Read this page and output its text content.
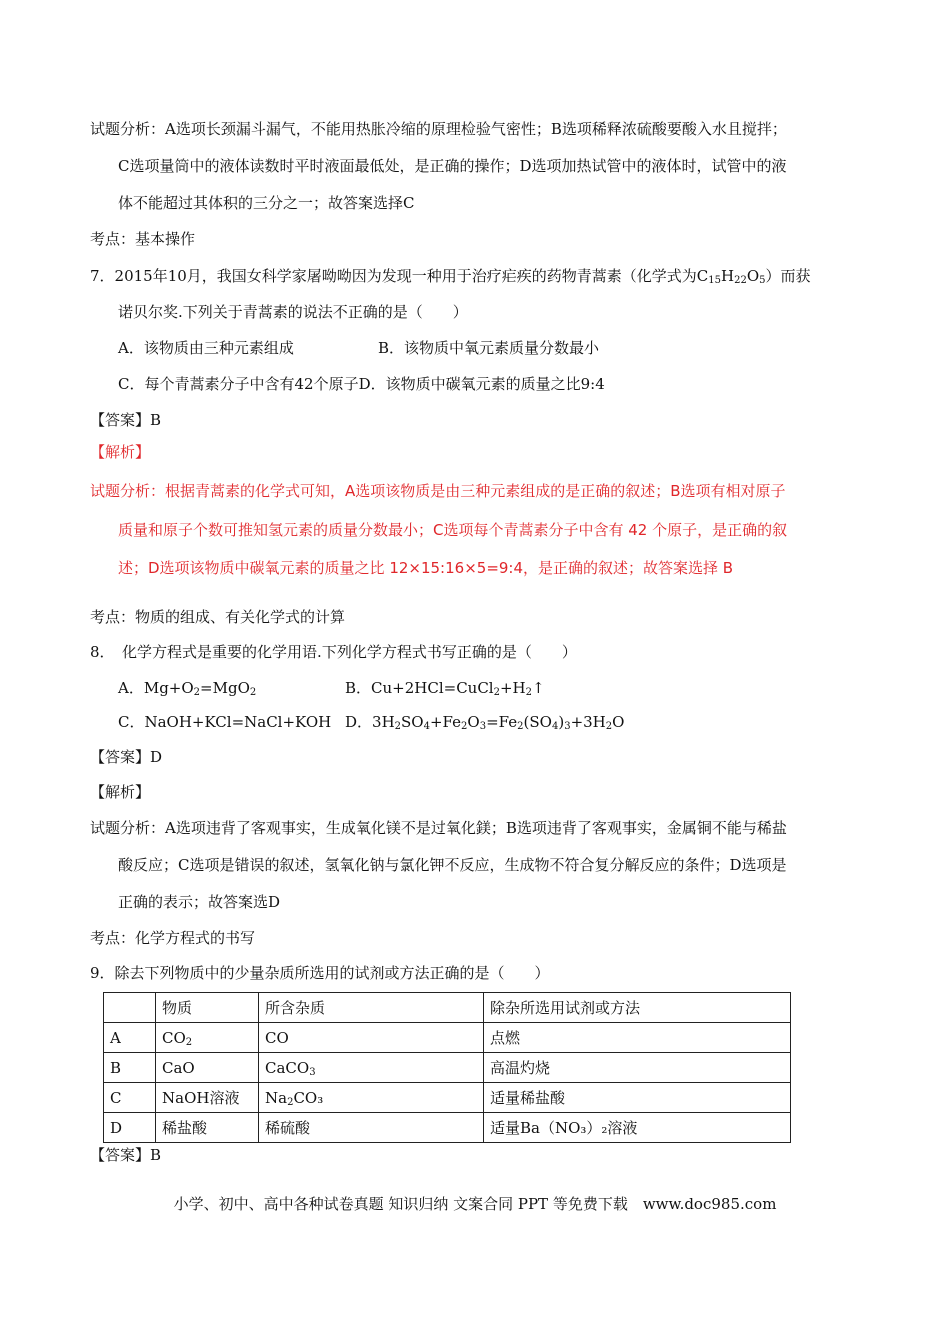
试题分析：A选项长颈漏斗漏气，不能用热胀冷缩的原理检验气密性；B选项稀释浓硫酸要酸入水且搅拌；
C选项量筒中的液体读数时平时液面最低处，是正确的操作；D选项加热试管中的液体时，试管中的液
体不能超过其体积的三分之一；故答案选择C
考点：基本操作
7．2015年10月，我国女科学家屠呦呦因为发现一种用于治疗疟疾的药物青蒿素（化学式为$C_{15}H_{22}O_5$）而获
诺贝尔奖.下列关于青蒿素的说法不正确的是（　　）
A．该物质由三种元素组成	B．该物质中氧元素质量分数最小
C．每个青蒿素分子中含有42个原子D．该物质中碳氧元素的质量之比9:4
【答案】B
【解析】
试题分析：根据青蒿素的化学式可知，A选项该物质是由三种元素组成的是正确的叙述；B选项有相对原子
质量和原子个数可推知氢元素的质量分数最小；C选项每个青蒿素分子中含有 42 个原子，是正确的叙
述；D选项该物质中碳氧元素的质量之比 12×15:16×5=9:4，是正确的叙述；故答案选择 B
考点：物质的组成、有关化学式的计算
8．　化学方程式是重要的化学用语.下列化学方程式书写正确的是（　　）
A．$Mg+O_2=MgO_2$	B．$Cu+2HCl=CuCl_2+H_2↑$
C．NaOH+KCl=NaCl+KOH D．$3H_2SO_4+Fe_2O_3=Fe_2(SO_4)_3+3H_2O$
【答案】D
【解析】
试题分析：A选项违背了客观事实，生成氧化镁不是过氧化鎂；B选项违背了客观事实，金属铜不能与稀盐
酸反应；C选项是错误的叙述，氢氧化钠与氯化钾不反应，生成物不符合复分解反应的条件；D选项是
正确的表示；故答案选D
考点：化学方程式的书写
9．除去下列物质中的少量杂质所选用的试剂或方法正确的是（　　）
	物质	所含杂质	除杂所选用试剂或方法
A	$CO_2$	CO	点燃
B	CaO	CaCO$_3$	高温灼烧
C	NaOH溶液	$Na_2CO_3$	适量稀盐酸
D	稀盐酸	稀硫酸	适量Ba（NO₃）₂溶液
【答案】B
小学、初中、高中各种试卷真题 知识归纳 文案合同 PPT 等免费下载　www.doc985.com
